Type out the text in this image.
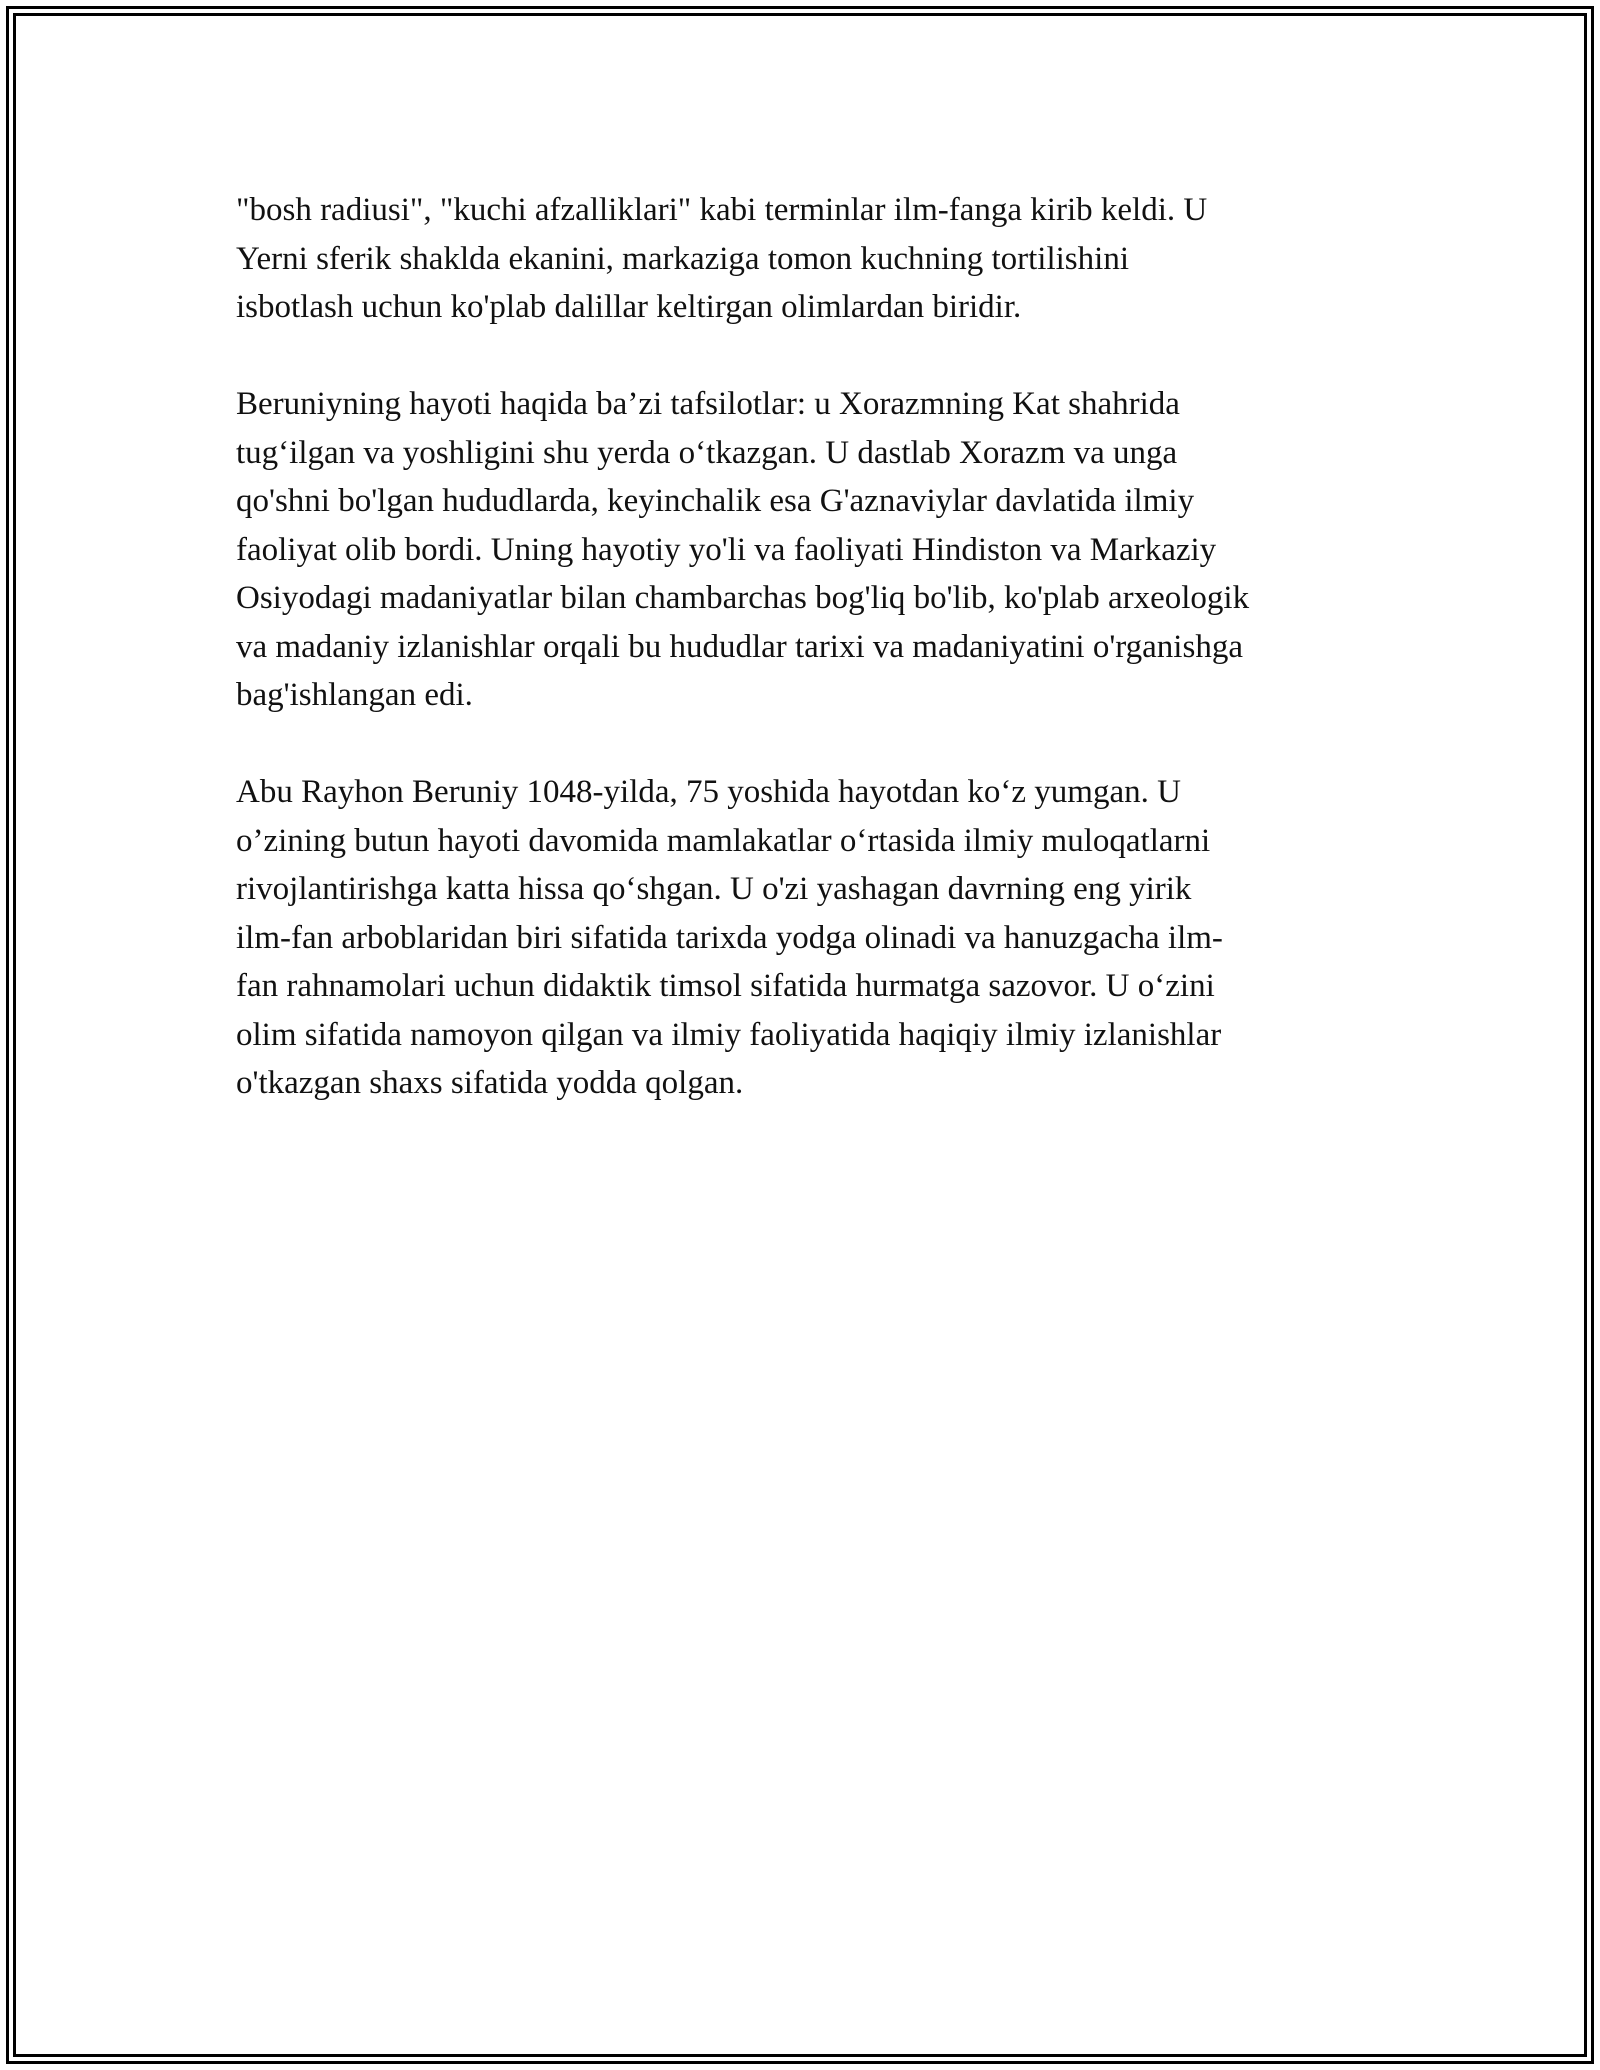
"bosh radiusi", "kuchi afzalliklari" kabi terminlar ilm-fanga kirib keldi. U
Yerni sferik shaklda ekanini, markaziga tomon kuchning tortilishini
isbotlash uchun ko'plab dalillar keltirgan olimlardan biridir.

Beruniyning hayoti haqida ba’zi tafsilotlar: u Xorazmning Kat shahrida
tug‘ilgan va yoshligini shu yerda o‘tkazgan. U dastlab Xorazm va unga
qo'shni bo'lgan hududlarda, keyinchalik esa G'aznaviylar davlatida ilmiy
faoliyat olib bordi. Uning hayotiy yo'li va faoliyati Hindiston va Markaziy
Osiyodagi madaniyatlar bilan chambarchas bog'liq bo'lib, ko'plab arxeologik
va madaniy izlanishlar orqali bu hududlar tarixi va madaniyatini o'rganishga
bag'ishlangan edi.

Abu Rayhon Beruniy 1048-yilda, 75 yoshida hayotdan ko‘z yumgan. U
o’zining butun hayoti davomida mamlakatlar o‘rtasida ilmiy muloqatlarni
rivojlantirishga katta hissa qo‘shgan. U o'zi yashagan davrning eng yirik
ilm-fan arboblaridan biri sifatida tarixda yodga olinadi va hanuzgacha ilm-
fan rahnamolari uchun didaktik timsol sifatida hurmatga sazovor. U o‘zini
olim sifatida namoyon qilgan va ilmiy faoliyatida haqiqiy ilmiy izlanishlar
o'tkazgan shaxs sifatida yodda qolgan.
